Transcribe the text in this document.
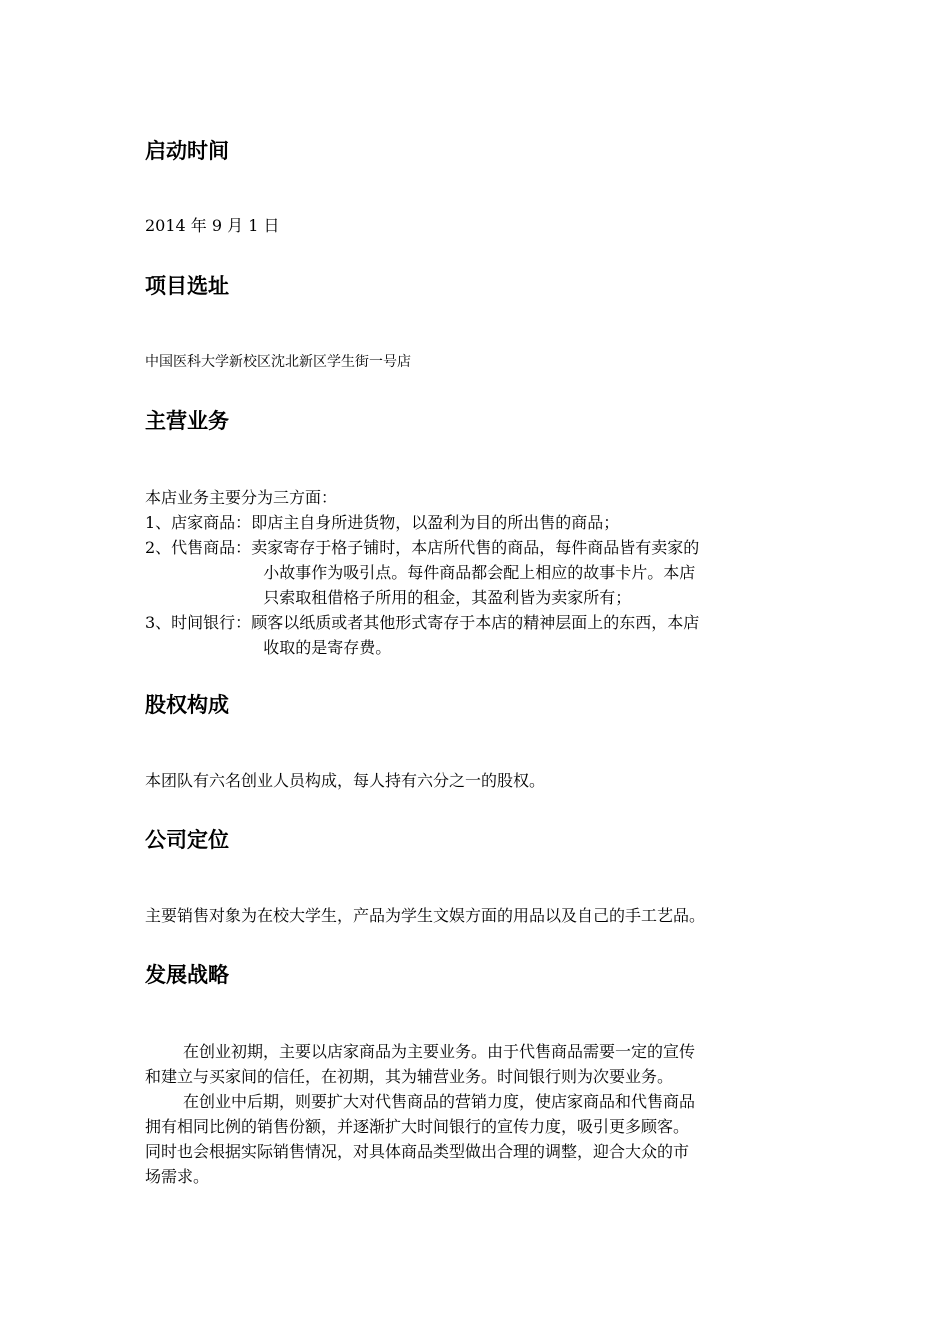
启动时间
2014 年 9 月 1 日
项目选址
中国医科大学新校区沈北新区学生街一号店
主营业务
本店业务主要分为三方面：
1、店家商品： 即店主自身所进货物，以盈利为目的所出售的商品；
2、代售商品： 卖家寄存于格子铺时，本店所代售的商品，每件商品皆有卖家的
小故事作为吸引点。每件商品都会配上相应的故事卡片。本店
只索取租借格子所用的租金，其盈利皆为卖家所有；
3、时间银行： 顾客以纸质或者其他形式寄存于本店的精神层面上的东西，本店
收取的是寄存费。
股权构成
本团队有六名创业人员构成，每人持有六分之一的股权。
公司定位
主要销售对象为在校大学生，产品为学生文娱方面的用品以及自己的手工艺品。
发展战略
在创业初期，主要以店家商品为主要业务。由于代售商品需要一定的宣传
和建立与买家间的信任，在初期，其为辅营业务。时间银行则为次要业务。
在创业中后期，则要扩大对代售商品的营销力度，使店家商品和代售商品
拥有相同比例的销售份额，并逐渐扩大时间银行的宣传力度，吸引更多顾客。
同时也会根据实际销售情况，对具体商品类型做出合理的调整，迎合大众的市
场需求。
